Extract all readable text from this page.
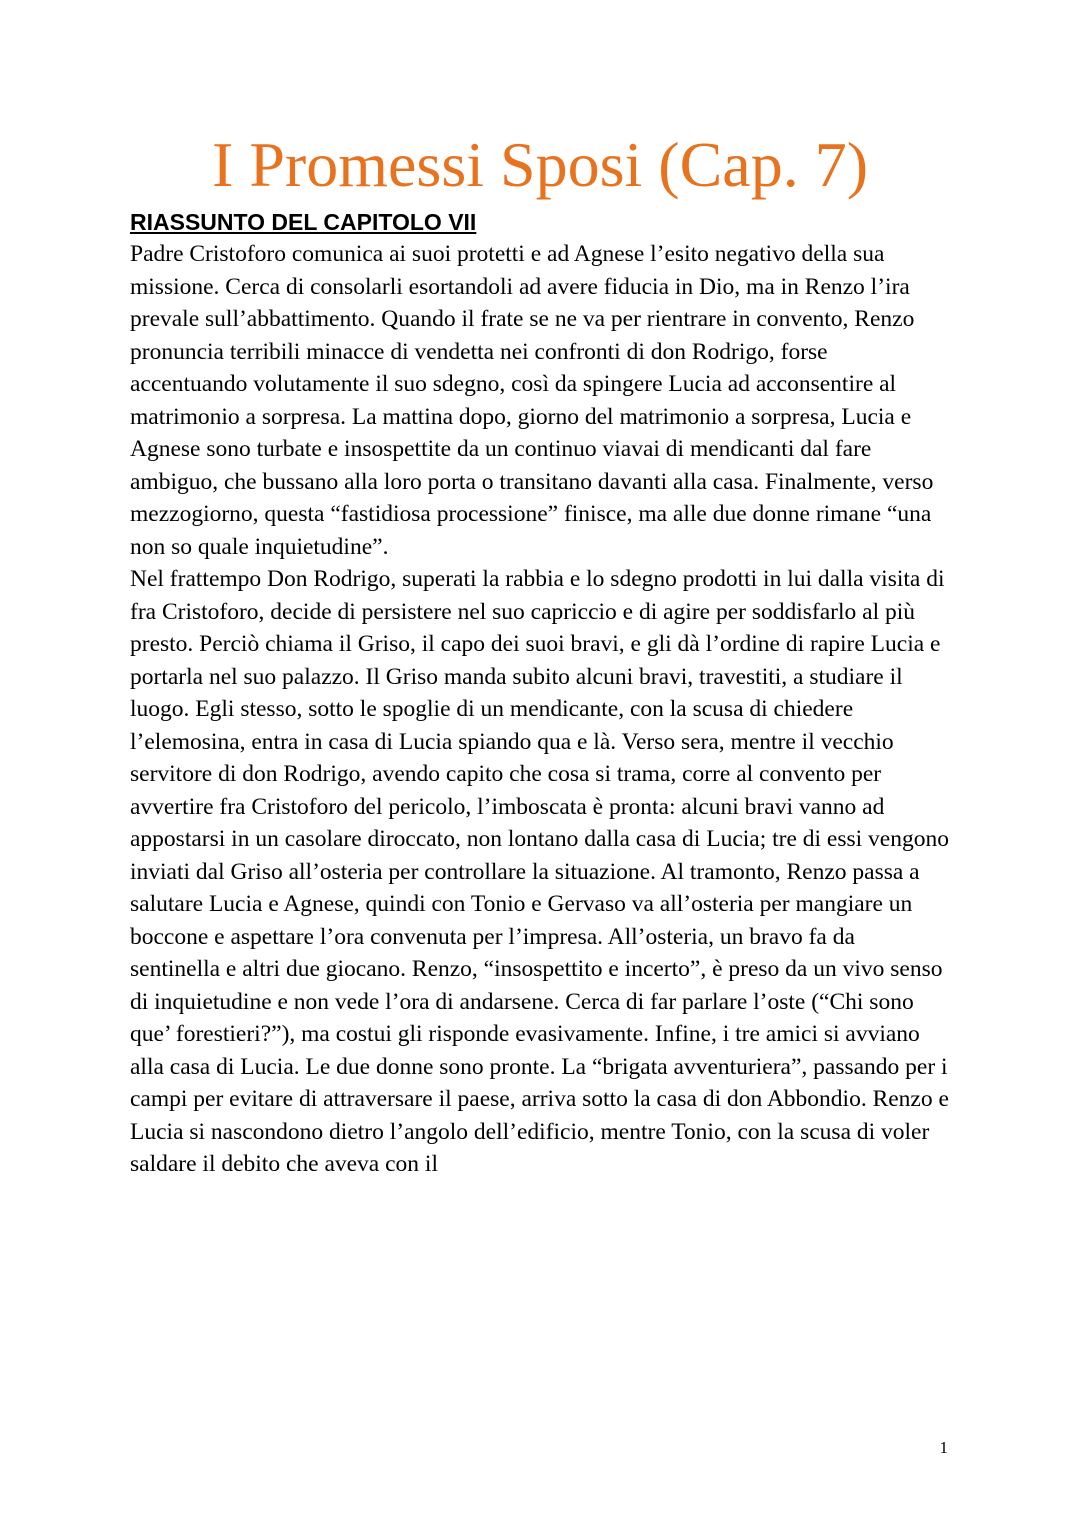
I Promessi Sposi (Cap. 7)
RIASSUNTO DEL CAPITOLO VII

Padre Cristoforo comunica ai suoi protetti e ad Agnese l’esito negativo della sua missione. Cerca di consolarli esortandoli ad avere fiducia in Dio, ma in Renzo l’ira prevale sull’abbattimento. Quando il frate se ne va per rientrare in convento, Renzo pronuncia terribili minacce di vendetta nei confronti di don Rodrigo, forse accentuando volutamente il suo sdegno, così da spingere Lucia ad acconsentire al matrimonio a sorpresa. La mattina dopo, giorno del matrimonio a sorpresa, Lucia e Agnese sono turbate e insospettite da un continuo viavai di mendicanti dal fare ambiguo, che bussano alla loro porta o transitano davanti alla casa. Finalmente, verso mezzogiorno, questa “fastidiosa processione” finisce, ma alle due donne rimane “una non so quale inquietudine”.

Nel frattempo Don Rodrigo, superati la rabbia e lo sdegno prodotti in lui dalla visita di fra Cristoforo, decide di persistere nel suo capriccio e di agire per soddisfarlo al più presto. Perciò chiama il Griso, il capo dei suoi bravi, e gli dà l’ordine di rapire Lucia e portarla nel suo palazzo. Il Griso manda subito alcuni bravi, travestiti, a studiare il luogo. Egli stesso, sotto le spoglie di un mendicante, con la scusa di chiedere l’elemosina, entra in casa di Lucia spiando qua e là. Verso sera, mentre il vecchio servitore di don Rodrigo, avendo capito che cosa si trama, corre al convento per avvertire fra Cristoforo del pericolo, l’imboscata è pronta: alcuni bravi vanno ad appostarsi in un casolare diroccato, non lontano dalla casa di Lucia; tre di essi vengono inviati dal Griso all’osteria per controllare la situazione. Al tramonto, Renzo passa a salutare Lucia e Agnese, quindi con Tonio e Gervaso va all’osteria per mangiare un boccone e aspettare l’ora convenuta per l’impresa. All’osteria, un bravo fa da sentinella e altri due giocano. Renzo, “insospettito e incerto”, è preso da un vivo senso di inquietudine e non vede l’ora di andarsene. Cerca di far parlare l’oste (“Chi sono que’ forestieri?”), ma costui gli risponde evasivamente. Infine, i tre amici si avviano alla casa di Lucia. Le due donne sono pronte. La “brigata avventuriera”, passando per i campi per evitare di attraversare il paese, arriva sotto la casa di don Abbondio. Renzo e Lucia si nascondono dietro l’angolo dell’edificio, mentre Tonio, con la scusa di voler saldare il debito che aveva con il

1
